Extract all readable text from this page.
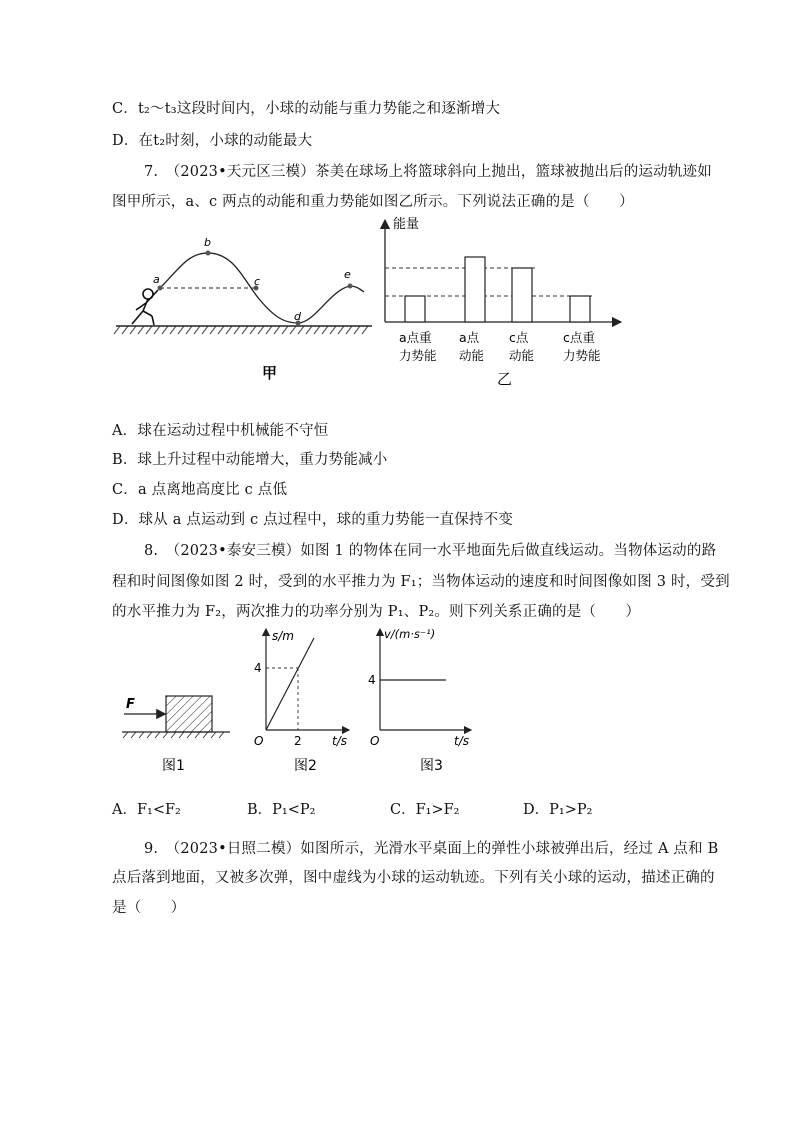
C．t₂～t₃这段时间内，小球的动能与重力势能之和逐渐增大
D．在t₂时刻，小球的动能最大
7.　（2023•天元区三模）茶美在球场上将篮球斜向上抛出，篮球被抛出后的运动轨迹如
图甲所示，a、c 两点的动能和重力势能如图乙所示。下列说法正确的是（　　）
a
b
c
d
e
甲
能量
a点重
力势能
a点
动能
c点
动能
c点重
力势能
乙
A．球在运动过程中机械能不守恒
B．球上升过程中动能增大，重力势能减小
C．a 点离地高度比 c 点低
D．球从 a 点运动到 c 点过程中，球的重力势能一直保持不变
8.　（2023•泰安三模）如图 1 的物体在同一水平地面先后做直线运动。当物体运动的路
程和时间图像如图 2 时，受到的水平推力为 F₁；当物体运动的速度和时间图像如图 3 时，受到
的水平推力为 F₂，两次推力的功率分别为 P₁、P₂。则下列关系正确的是（　　）
F
图1
s/m
4
2
O	t/s
图2
v/(m·s⁻¹)
4
O	t/s
图3
A．F₁<F₂	B．P₁<P₂	C．F₁>F₂	D．P₁>P₂
9.　（2023•日照二模）如图所示，光滑水平桌面上的弹性小球被弹出后，经过 A 点和 B
点后落到地面，又被多次弹，图中虚线为小球的运动轨迹。下列有关小球的运动，描述正确的
是（　　）
